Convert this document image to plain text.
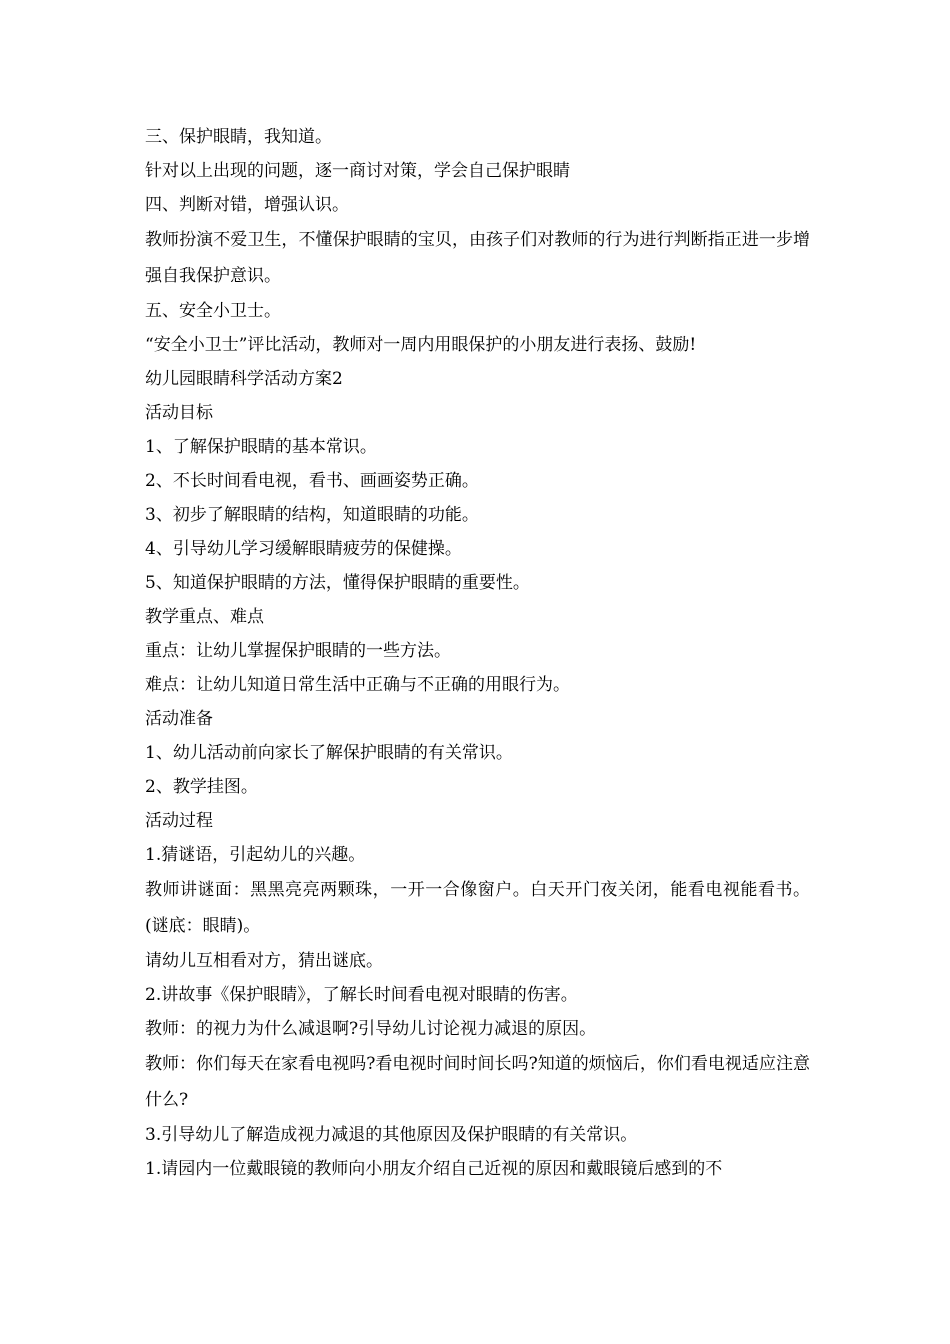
三、保护眼睛，我知道。

针对以上出现的问题，逐一商讨对策，学会自己保护眼睛

四、判断对错，增强认识。

教师扮演不爱卫生，不懂保护眼睛的宝贝，由孩子们对教师的行为进行判断指正进一步增强自我保护意识。

五、安全小卫士。

“安全小卫士”评比活动，教师对一周内用眼保护的小朋友进行表扬、鼓励!

幼儿园眼睛科学活动方案2

活动目标

1、了解保护眼睛的基本常识。

2、不长时间看电视，看书、画画姿势正确。

3、初步了解眼睛的结构，知道眼睛的功能。

4、引导幼儿学习缓解眼睛疲劳的保健操。

5、知道保护眼睛的方法，懂得保护眼睛的重要性。

教学重点、难点

重点：让幼儿掌握保护眼睛的一些方法。

难点：让幼儿知道日常生活中正确与不正确的用眼行为。

活动准备

1、幼儿活动前向家长了解保护眼睛的有关常识。

2、教学挂图。

活动过程

1.猜谜语，引起幼儿的兴趣。

教师讲谜面：黑黑亮亮两颗珠，一开一合像窗户。白天开门夜关闭，能看电视能看书。(谜底：眼睛)。

请幼儿互相看对方，猜出谜底。

2.讲故事《保护眼睛》，了解长时间看电视对眼睛的伤害。

教师：的视力为什么减退啊?引导幼儿讨论视力减退的原因。

教师：你们每天在家看电视吗?看电视时间时间长吗?知道的烦恼后，你们看电视适应注意什么?

3.引导幼儿了解造成视力减退的其他原因及保护眼睛的有关常识。

1.请园内一位戴眼镜的教师向小朋友介绍自己近视的原因和戴眼镜后感到的不
